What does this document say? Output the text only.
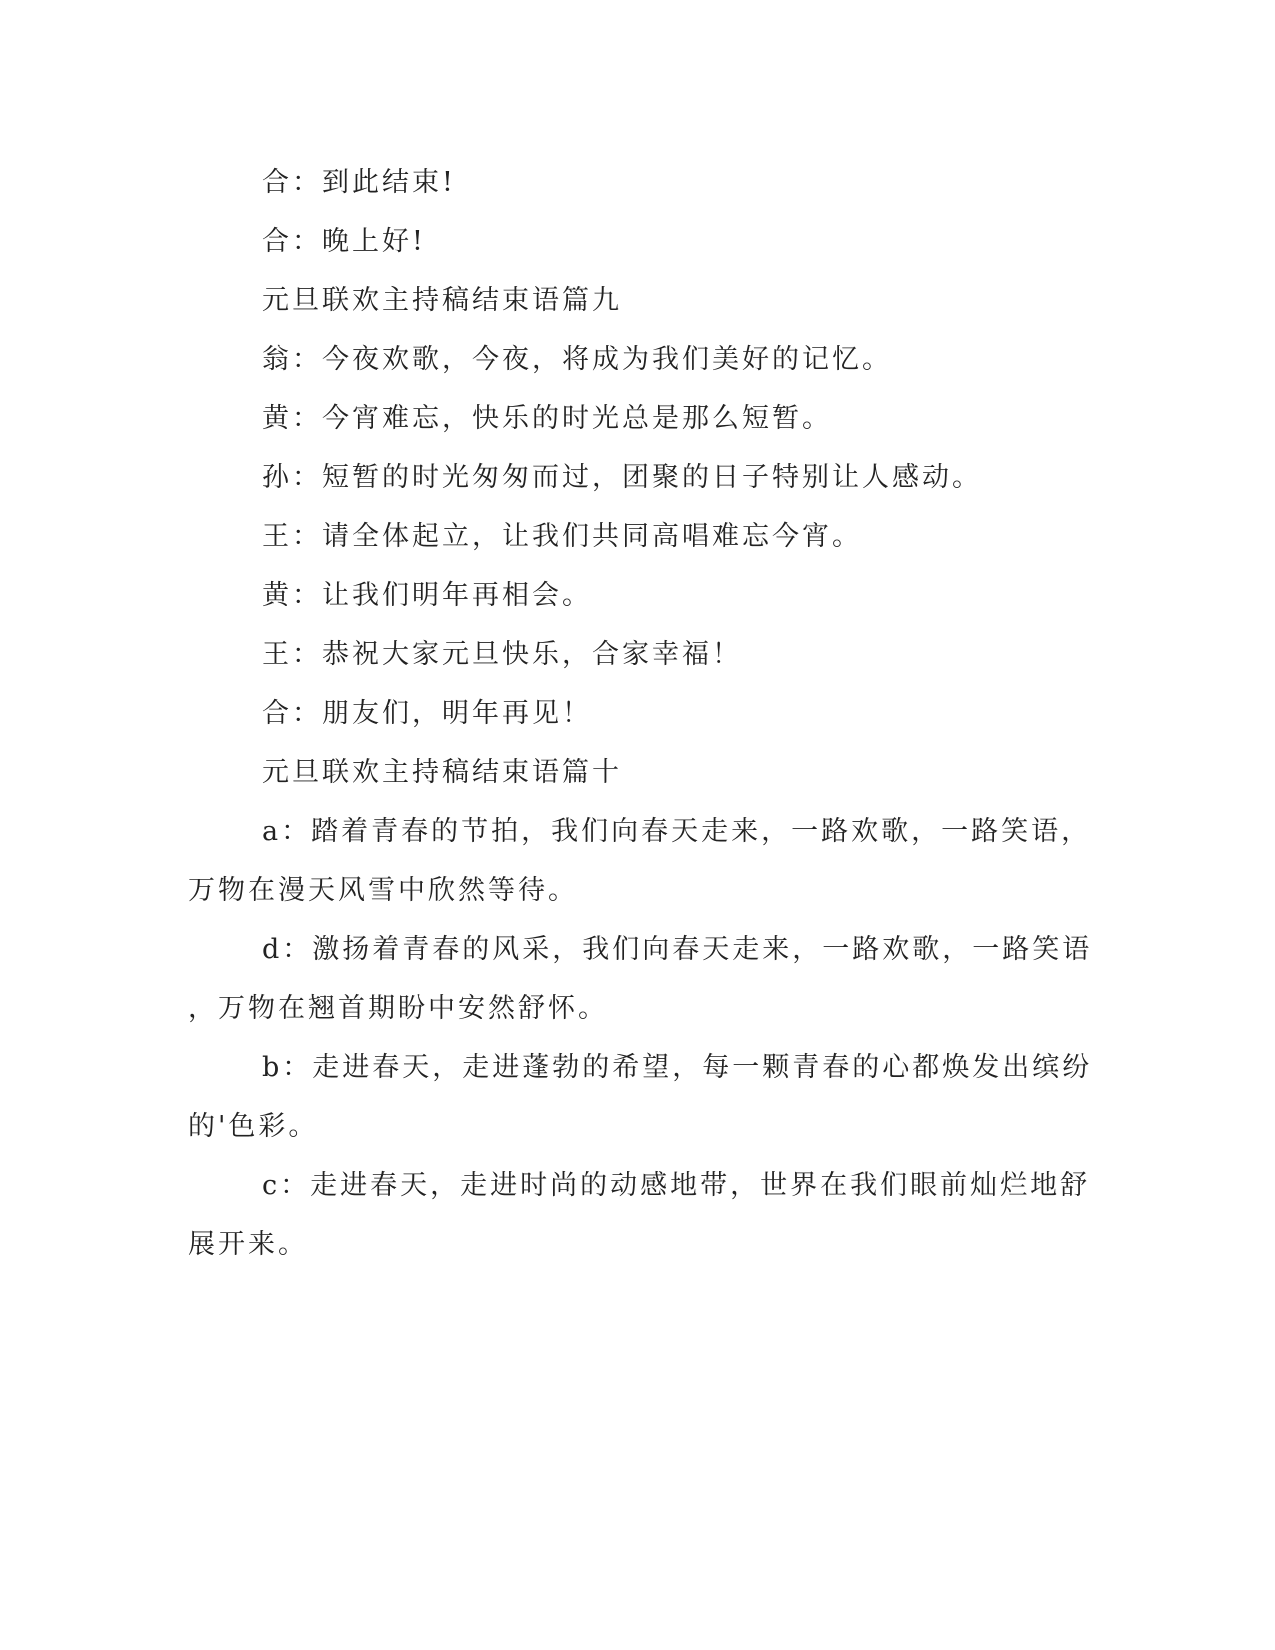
合：到此结束!

合：晚上好!

元旦联欢主持稿结束语篇九

翁：今夜欢歌，今夜，将成为我们美好的记忆。

黄：今宵难忘，快乐的时光总是那么短暂。

孙：短暂的时光匆匆而过，团聚的日子特别让人感动。

王：请全体起立，让我们共同高唱难忘今宵。

黄：让我们明年再相会。

王：恭祝大家元旦快乐，合家幸福！

合：朋友们，明年再见！

元旦联欢主持稿结束语篇十

a：踏着青春的节拍，我们向春天走来，一路欢歌，一路笑语，

万物在漫天风雪中欣然等待。

d：激扬着青春的风采，我们向春天走来，一路欢歌，一路笑语

，万物在翘首期盼中安然舒怀。

b：走进春天，走进蓬勃的希望，每一颗青春的心都焕发出缤纷

的'色彩。

c：走进春天，走进时尚的动感地带，世界在我们眼前灿烂地舒

展开来。
